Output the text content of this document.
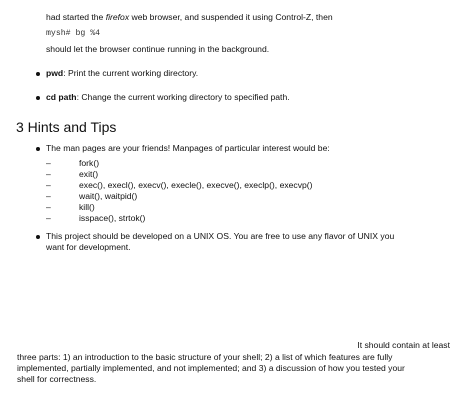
had started the firefox web browser, and suspended it using Control-Z, then
mysh# bg %4
should let the browser continue running in the background.
pwd: Print the current working directory.
cd path: Change the current working directory to specified path.
3 Hints and Tips
The man pages are your friends! Manpages of particular interest would be:
–	fork()
–	exit()
–	exec(), execl(), execv(), execle(), execve(), execlp(), execvp()
–	wait(), waitpid()
–	kill()
–	isspace(), strtok()
This project should be developed on a UNIX OS. You are free to use any flavor of UNIX you
want for development.
It should contain at least
three parts: 1) an introduction to the basic structure of your shell; 2) a list of which features are fully
implemented, partially implemented, and not implemented; and 3) a discussion of how you tested your
shell for correctness.
